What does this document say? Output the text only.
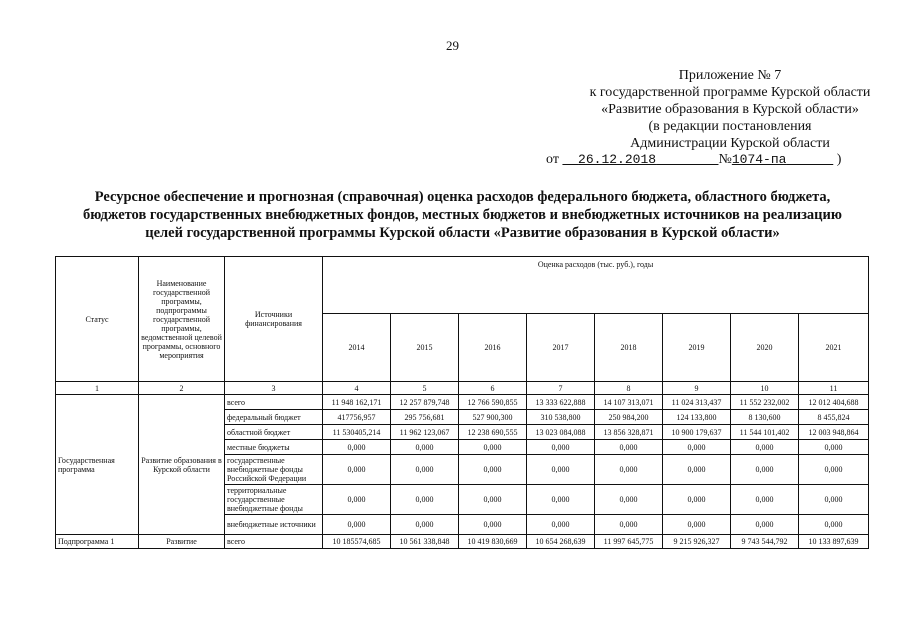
29
Приложение № 7
к государственной программе Курской области
«Развитие образования в Курской области»
(в редакции постановления
Администрации Курской области
от 26.12.2018	№1074-па	)
Ресурсное обеспечение и прогнозная (справочная) оценка расходов федерального бюджета, областного бюджета,
бюджетов государственных внебюджетных фондов, местных бюджетов и внебюджетных источников на реализацию
целей государственной программы Курской области «Развитие образования в Курской области»
Статус	Наименование государственной программы, подпрограммы государственной программы, ведомственной целевой программы, основного мероприятия	Источники финансирования	Оценка расходов (тыс. руб.), годы							
			2014	2015	2016	2017	2018	2019	2020	2021
1	2	3	4	5	6	7	8	9	10	11
Государственная программа	Развитие образования в Курской области	всего	11 948 162,171	12 257 879,748	12 766 590,855	13 333 622,888	14 107 313,071	11 024 313,437	11 552 232,002	12 012 404,688
		федеральный бюджет	417756,957	295 756,681	527 900,300	310 538,800	250 984,200	124 133,800	8 130,600	8 455,824
		областной бюджет	11 530405,214	11 962 123,067	12 238 690,555	13 023 084,088	13 856 328,871	10 900 179,637	11 544 101,402	12 003 948,864
		местные бюджеты	0,000	0,000	0,000	0,000	0,000	0,000	0,000	0,000
		государственные внебюджетные фонды Российской Федерации	0,000	0,000	0,000	0,000	0,000	0,000	0,000	0,000
		территориальные государственные внебюджетные фонды	0,000	0,000	0,000	0,000	0,000	0,000	0,000	0,000
		внебюджетные источники	0,000	0,000	0,000	0,000	0,000	0,000	0,000	0,000
Подпрограмма 1	Развитие	всего	10 185574,685	10 561 338,848	10 419 830,669	10 654 268,639	11 997 645,775	9 215 926,327	9 743 544,792	10 133 897,639
